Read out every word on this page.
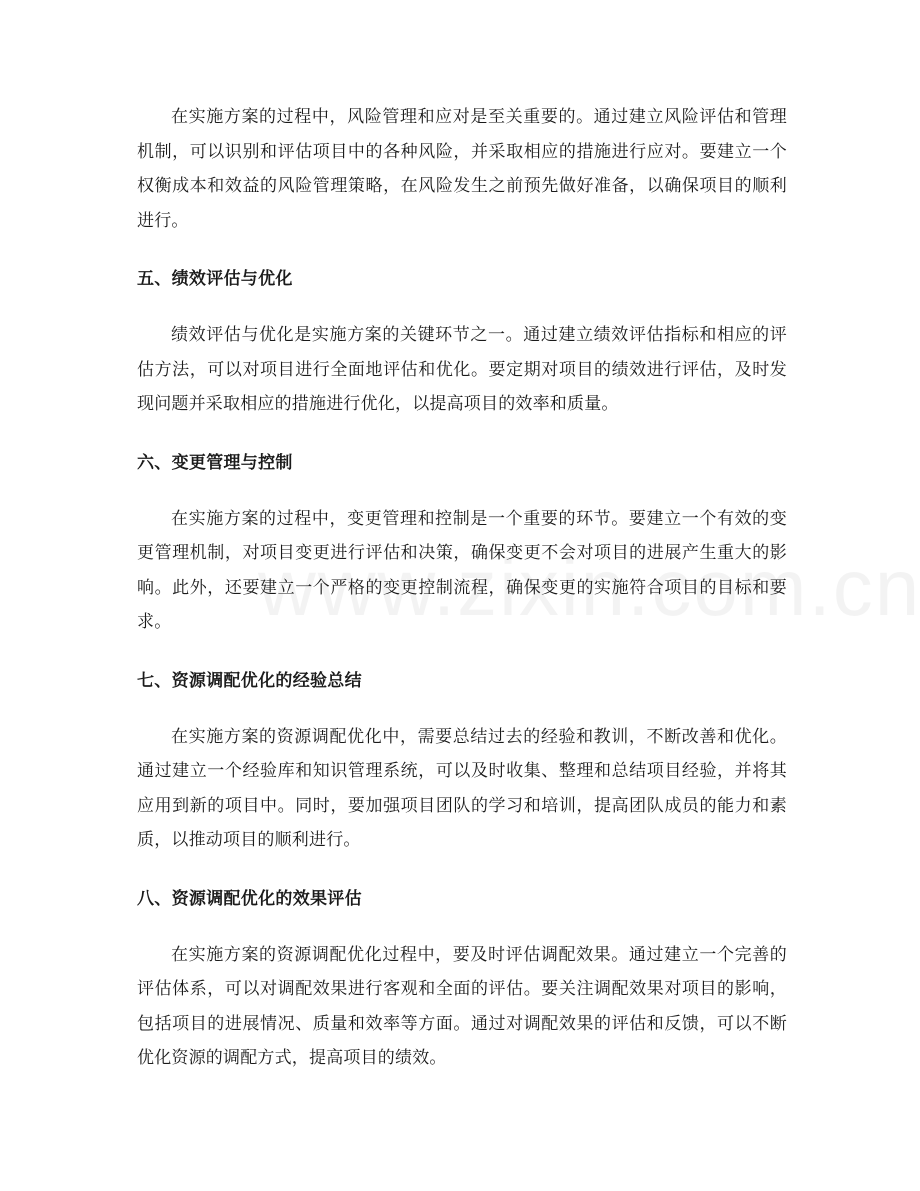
在实施方案的过程中，风险管理和应对是至关重要的。通过建立风险评估和管理机制，可以识别和评估项目中的各种风险，并采取相应的措施进行应对。要建立一个权衡成本和效益的风险管理策略，在风险发生之前预先做好准备，以确保项目的顺利进行。

五、绩效评估与优化

绩效评估与优化是实施方案的关键环节之一。通过建立绩效评估指标和相应的评估方法，可以对项目进行全面地评估和优化。要定期对项目的绩效进行评估，及时发现问题并采取相应的措施进行优化，以提高项目的效率和质量。

六、变更管理与控制

在实施方案的过程中，变更管理和控制是一个重要的环节。要建立一个有效的变更管理机制，对项目变更进行评估和决策，确保变更不会对项目的进展产生重大的影响。此外，还要建立一个严格的变更控制流程，确保变更的实施符合项目的目标和要求。

七、资源调配优化的经验总结

在实施方案的资源调配优化中，需要总结过去的经验和教训，不断改善和优化。通过建立一个经验库和知识管理系统，可以及时收集、整理和总结项目经验，并将其应用到新的项目中。同时，要加强项目团队的学习和培训，提高团队成员的能力和素质，以推动项目的顺利进行。

八、资源调配优化的效果评估

在实施方案的资源调配优化过程中，要及时评估调配效果。通过建立一个完善的评估体系，可以对调配效果进行客观和全面的评估。要关注调配效果对项目的影响，包括项目的进展情况、质量和效率等方面。通过对调配效果的评估和反馈，可以不断优化资源的调配方式，提高项目的绩效。
